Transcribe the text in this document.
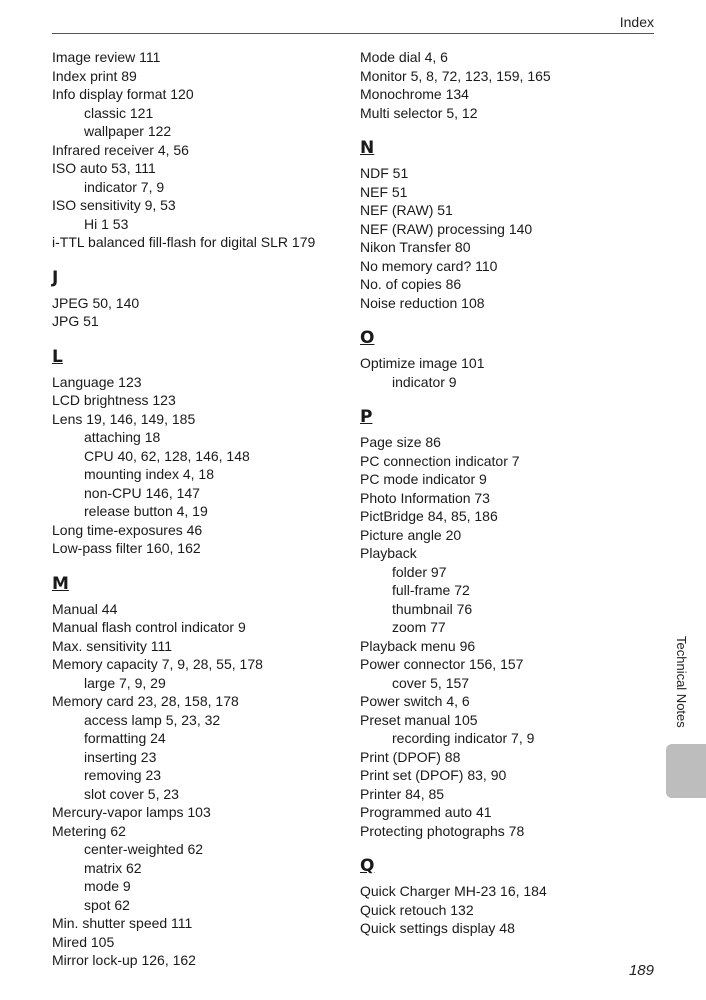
Index
Image review 111
Index print 89
Info display format 120
classic 121
wallpaper 122
Infrared receiver 4, 56
ISO auto 53, 111
indicator 7, 9
ISO sensitivity 9, 53
Hi 1 53
i-TTL balanced fill-flash for digital SLR 179
J
JPEG 50, 140
JPG 51
L
Language 123
LCD brightness 123
Lens 19, 146, 149, 185
attaching 18
CPU 40, 62, 128, 146, 148
mounting index 4, 18
non-CPU 146, 147
release button 4, 19
Long time-exposures 46
Low-pass filter 160, 162
M
Manual 44
Manual flash control indicator 9
Max. sensitivity 111
Memory capacity 7, 9, 28, 55, 178
large 7, 9, 29
Memory card 23, 28, 158, 178
access lamp 5, 23, 32
formatting 24
inserting 23
removing 23
slot cover 5, 23
Mercury-vapor lamps 103
Metering 62
center-weighted 62
matrix 62
mode 9
spot 62
Min. shutter speed 111
Mired 105
Mirror lock-up 126, 162
Mode dial 4, 6
Monitor 5, 8, 72, 123, 159, 165
Monochrome 134
Multi selector 5, 12
N
NDF 51
NEF 51
NEF (RAW) 51
NEF (RAW) processing 140
Nikon Transfer 80
No memory card? 110
No. of copies 86
Noise reduction 108
O
Optimize image 101
indicator 9
P
Page size 86
PC connection indicator 7
PC mode indicator 9
Photo Information 73
PictBridge 84, 85, 186
Picture angle 20
Playback
folder 97
full-frame 72
thumbnail 76
zoom 77
Playback menu 96
Power connector 156, 157
cover 5, 157
Power switch 4, 6
Preset manual 105
recording indicator 7, 9
Print (DPOF) 88
Print set (DPOF) 83, 90
Printer 84, 85
Programmed auto 41
Protecting photographs 78
Q
Quick Charger MH-23 16, 184
Quick retouch 132
Quick settings display 48
Technical Notes
189
